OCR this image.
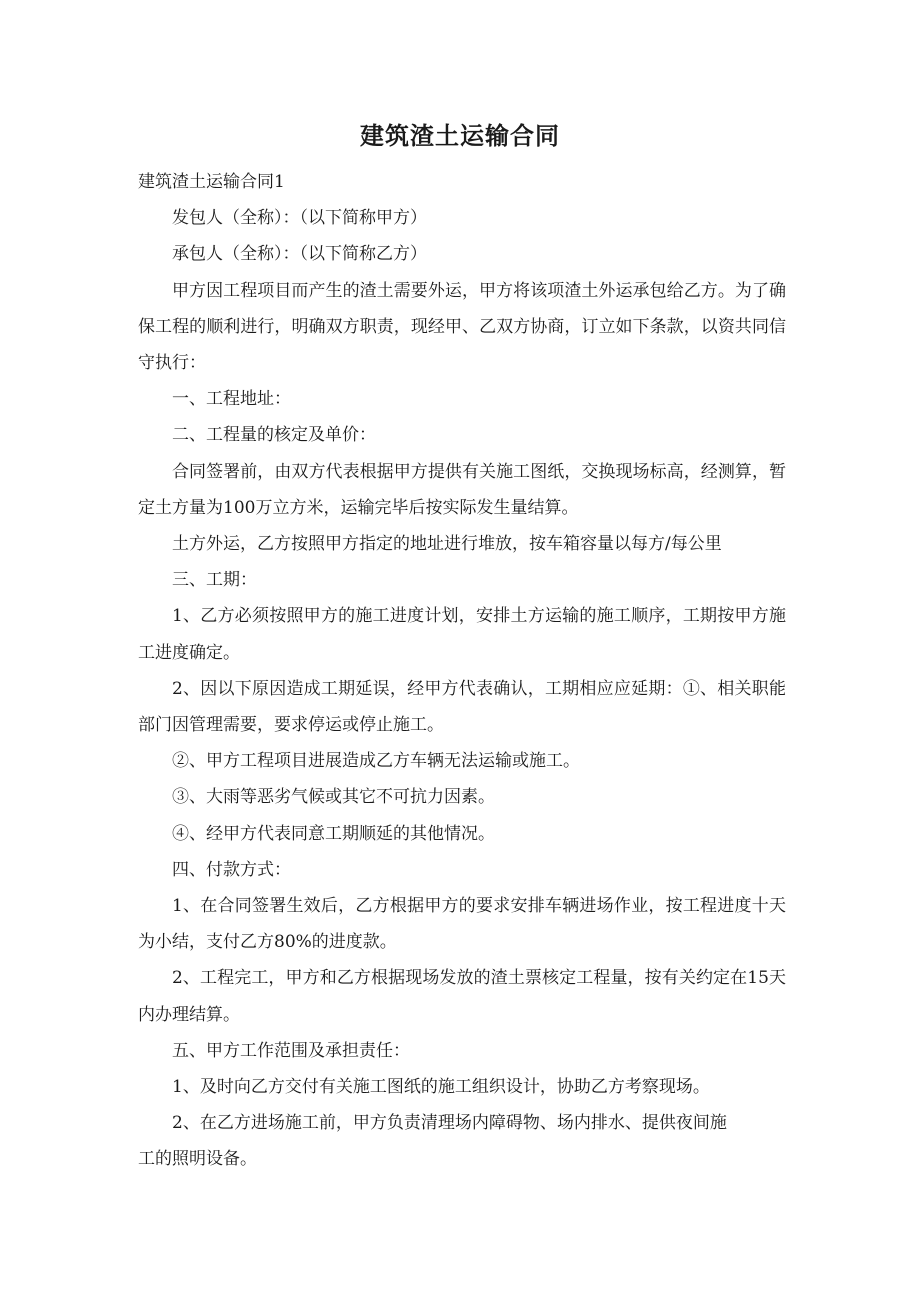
建筑渣土运输合同

建筑渣土运输合同1

发包人（全称）：（以下简称甲方）

承包人（全称）：（以下简称乙方）

甲方因工程项目而产生的渣土需要外运，甲方将该项渣土外运承包给乙方。为了确保工程的顺利进行，明确双方职责，现经甲、乙双方协商，订立如下条款，以资共同信守执行：

一、工程地址：

二、工程量的核定及单价：

合同签署前，由双方代表根据甲方提供有关施工图纸，交换现场标高，经测算，暂定土方量为100万立方米，运输完毕后按实际发生量结算。

土方外运，乙方按照甲方指定的地址进行堆放，按车箱容量以每方/每公里

三、工期：

1、乙方必须按照甲方的施工进度计划，安排土方运输的施工顺序，工期按甲方施工进度确定。

2、因以下原因造成工期延误，经甲方代表确认，工期相应应延期：①、相关职能部门因管理需要，要求停运或停止施工。

②、甲方工程项目进展造成乙方车辆无法运输或施工。

③、大雨等恶劣气候或其它不可抗力因素。

④、经甲方代表同意工期顺延的其他情况。

四、付款方式：

1、在合同签署生效后，乙方根据甲方的要求安排车辆进场作业，按工程进度十天为小结，支付乙方80%的进度款。

2、工程完工，甲方和乙方根据现场发放的渣土票核定工程量，按有关约定在15天内办理结算。

五、甲方工作范围及承担责任：

1、及时向乙方交付有关施工图纸的施工组织设计，协助乙方考察现场。

2、在乙方进场施工前，甲方负责清理场内障碍物、场内排水、提供夜间施

工的照明设备。
